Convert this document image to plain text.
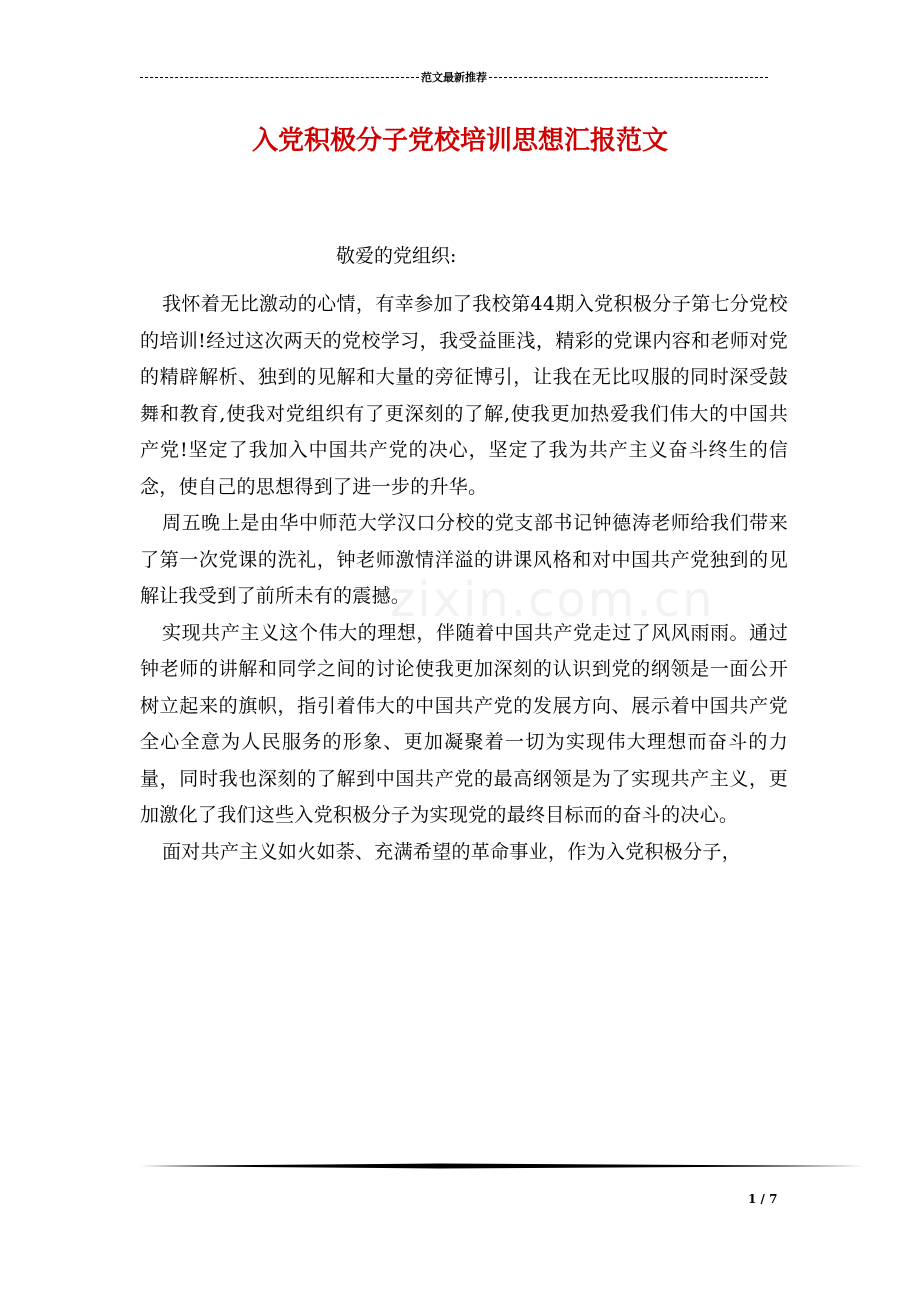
范文最新推荐
入党积极分子党校培训思想汇报范文

敬爱的党组织:

我怀着无比激动的心情，有幸参加了我校第44期入党积极分子第七分党校的培训!经过这次两天的党校学习，我受益匪浅，精彩的党课内容和老师对党的精辟解析、独到的见解和大量的旁征博引，让我在无比叹服的同时深受鼓舞和教育,使我对党组织有了更深刻的了解,使我更加热爱我们伟大的中国共产党!坚定了我加入中国共产党的决心，坚定了我为共产主义奋斗终生的信念，使自己的思想得到了进一步的升华。

周五晚上是由华中师范大学汉口分校的党支部书记钟德涛老师给我们带来了第一次党课的洗礼，钟老师激情洋溢的讲课风格和对中国共产党独到的见解让我受到了前所未有的震撼。

实现共产主义这个伟大的理想，伴随着中国共产党走过了风风雨雨。通过钟老师的讲解和同学之间的讨论使我更加深刻的认识到党的纲领是一面公开树立起来的旗帜，指引着伟大的中国共产党的发展方向、展示着中国共产党全心全意为人民服务的形象、更加凝聚着一切为实现伟大理想而奋斗的力量，同时我也深刻的了解到中国共产党的最高纲领是为了实现共产主义，更加激化了我们这些入党积极分子为实现党的最终目标而的奋斗的决心。

面对共产主义如火如荼、充满希望的革命事业，作为入党积极分子，

zixin.com.cn
1 / 7
